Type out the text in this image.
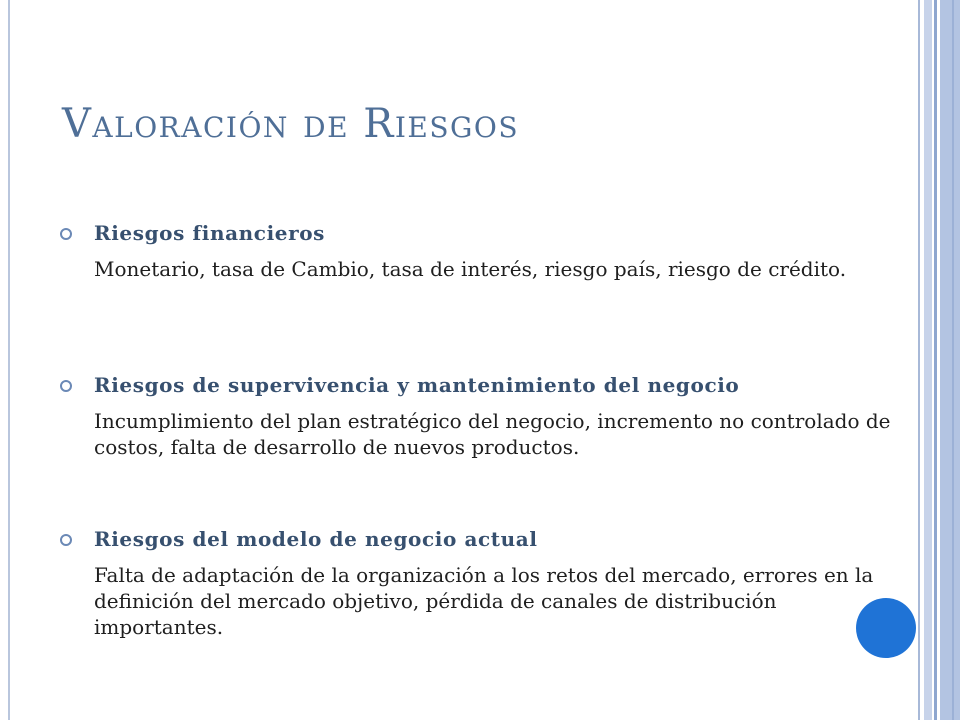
Valoración de Riesgos
Riesgos financieros
Monetario, tasa de Cambio, tasa de interés, riesgo país, riesgo de crédito.
Riesgos de supervivencia y mantenimiento del negocio
Incumplimiento del plan estratégico del negocio, incremento no controlado de costos, falta de desarrollo de nuevos productos.
Riesgos del modelo de negocio actual
Falta de adaptación de la organización a los retos del mercado, errores en la definición del mercado objetivo, pérdida de canales de distribución importantes.
